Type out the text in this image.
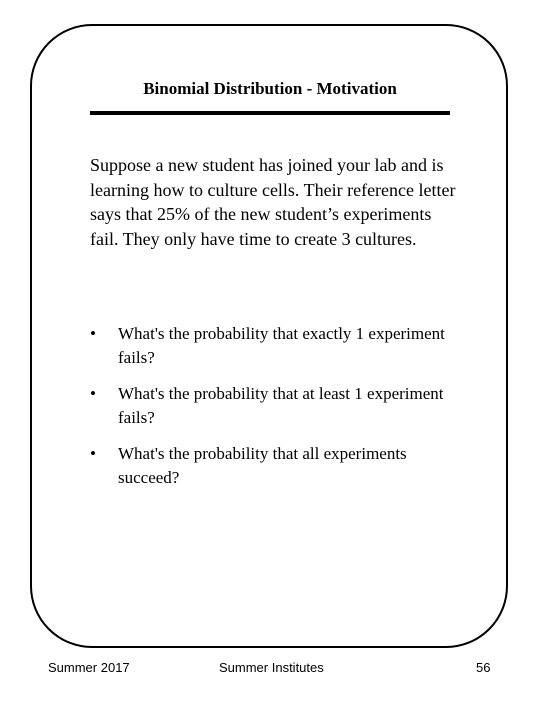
Binomial Distribution - Motivation
Suppose a new student has joined your lab and is learning how to culture cells. Their reference letter says that 25% of the new student’s experiments fail. They only have time to create 3 cultures.
•	What's the probability that exactly 1 experiment fails?
•	What's the probability that at least 1 experiment fails?
•	What's the probability that all experiments succeed?
Summer 2017	Summer Institutes	56
